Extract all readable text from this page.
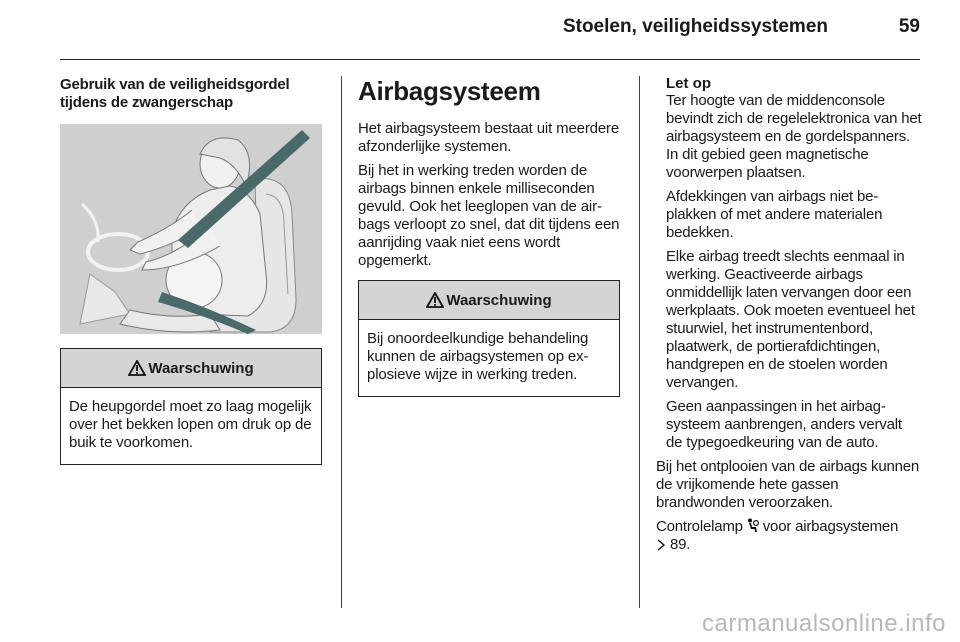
Stoelen, veiligheidssystemen	59
Gebruik van de veiligheidsgordel tijdens de zwangerschap
Waarschuwing
De heupgordel moet zo laag mogelijk over het bekken lopen om druk op de buik te voorkomen.
Airbagsysteem

Het airbagsysteem bestaat uit meerdere afzonderlijke systemen.

Bij het in werking treden worden de airbags binnen enkele milliseconden gevuld. Ook het leeglopen van de airbags verloopt zo snel, dat dit tijdens een aanrijding vaak niet eens wordt opgemerkt.

Waarschuwing
Bij onoordeelkundige behandeling kunnen de airbagsystemen op explosieve wijze in werking treden.
Let op

Ter hoogte van de middenconsole bevindt zich de regelelektronica van het airbagsysteem en de gordelspanners. In dit gebied geen magnetische voorwerpen plaatsen.

Afdekkingen van airbags niet beplakken of met andere materialen bedekken.

Elke airbag treedt slechts eenmaal in werking. Geactiveerde airbags onmiddellijk laten vervangen door een werkplaats. Ook moeten eventueel het stuurwiel, het instrumentenbord, plaatwerk, de portierafdichtingen, handgrepen en de stoelen worden vervangen.

Geen aanpassingen in het airbagsysteem aanbrengen, anders vervalt de typegoedkeuring van de auto.

Bij het ontplooien van de airbags kunnen de vrijkomende hete gassen brandwonden veroorzaken.

Controlelamp voor airbagsystemen
89.

carmanualsonline.info
